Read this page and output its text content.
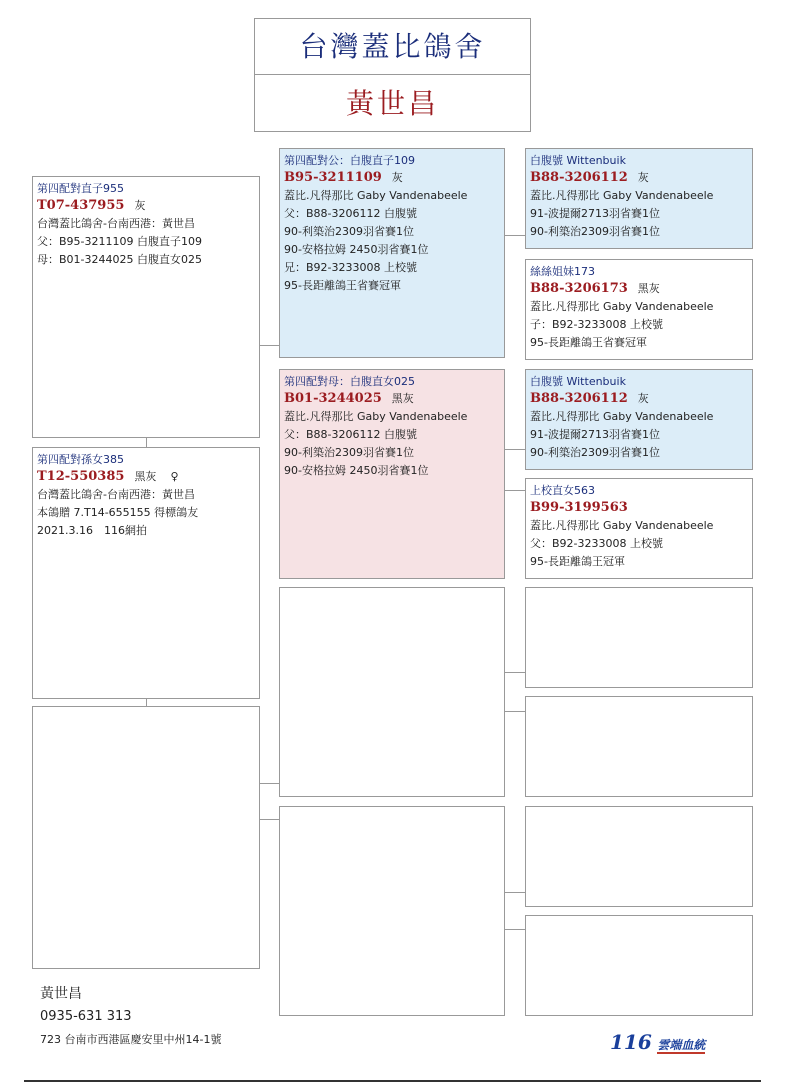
台灣蓋比鴿舍
黃世昌
第四配對直子955
T07-437955 灰
台灣蓋比鴿舍-台南西港：黃世昌
父：B95-3211109 白腹直子109
母：B01-3244025 白腹直女025
第四配對孫女385
T12-550385 黑灰 ♀
台灣蓋比鴿舍-台南西港：黃世昌
本鴿贈 7.T14-655155 得標鴿友
2021.3.16　116網拍
第四配對公：白腹直子109
B95-3211109 灰
蓋比.凡得那比 Gaby Vandenabeele
父：B88-3206112 白腹號
90-利築治2309羽省賽1位
90-安格拉姆 2450羽省賽1位
兄：B92-3233008 上校號
95-長距離鴿王省賽冠軍
第四配對母：白腹直女025
B01-3244025 黑灰
蓋比.凡得那比 Gaby Vandenabeele
父：B88-3206112 白腹號
90-利築治2309羽省賽1位
90-安格拉姆 2450羽省賽1位
白腹號 Wittenbuik
B88-3206112 灰
蓋比.凡得那比 Gaby Vandenabeele
91-波提爾2713羽省賽1位
90-利築治2309羽省賽1位
絲絲姐妹173
B88-3206173 黑灰
蓋比.凡得那比 Gaby Vandenabeele
子：B92-3233008 上校號
95-長距離鴿王省賽冠軍
白腹號 Wittenbuik
B88-3206112 灰
蓋比.凡得那比 Gaby Vandenabeele
91-波提爾2713羽省賽1位
90-利築治2309羽省賽1位
上校直女563
B99-3199563
蓋比.凡得那比 Gaby Vandenabeele
父：B92-3233008 上校號
95-長距離鴿王冠軍
黃世昌
0935-631 313
723 台南市西港區慶安里中州14-1號	116 雲端血統
